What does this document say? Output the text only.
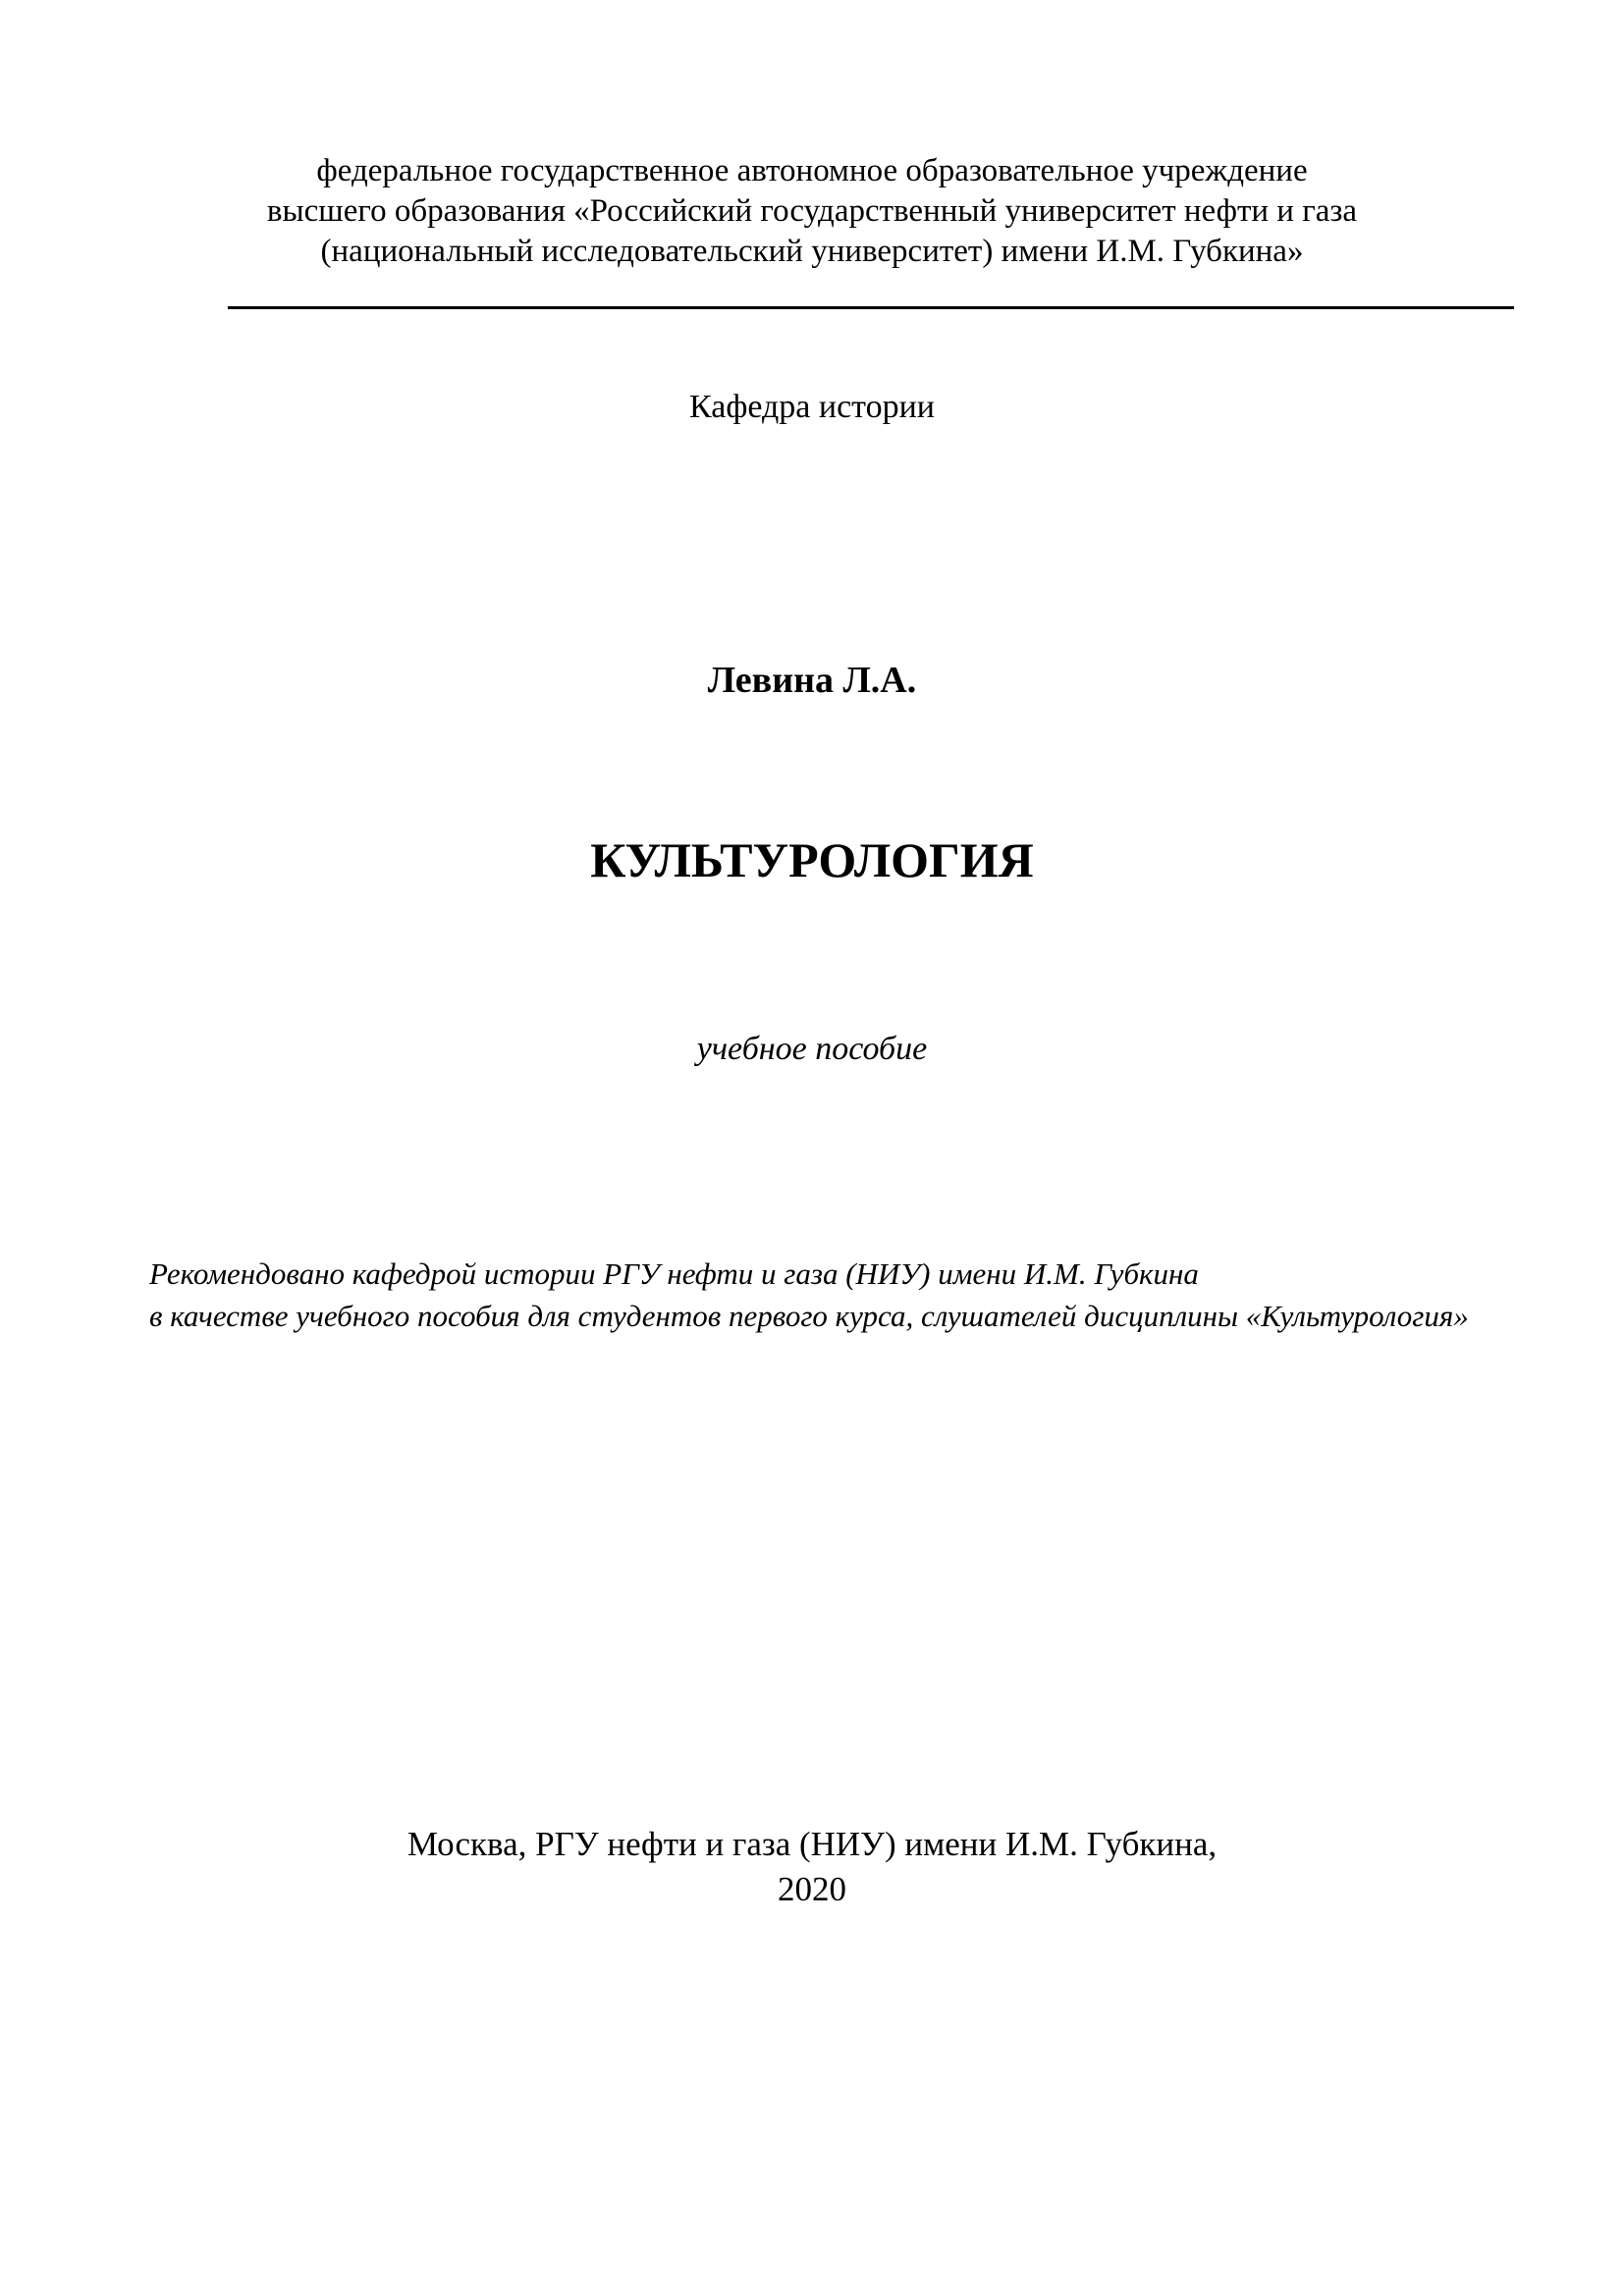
федеральное государственное автономное образовательное учреждение
высшего образования «Российский государственный университет нефти и газа
(национальный исследовательский университет) имени И.М. Губкина»
Кафедра истории
Левина Л.А.
КУЛЬТУРОЛОГИЯ
учебное пособие
Рекомендовано кафедрой истории РГУ нефти и газа (НИУ) имени И.М. Губкина
в качестве учебного пособия для студентов первого курса, слушателей дисциплины «Культурология»
Москва, РГУ нефти и газа (НИУ) имени И.М. Губкина,
2020
